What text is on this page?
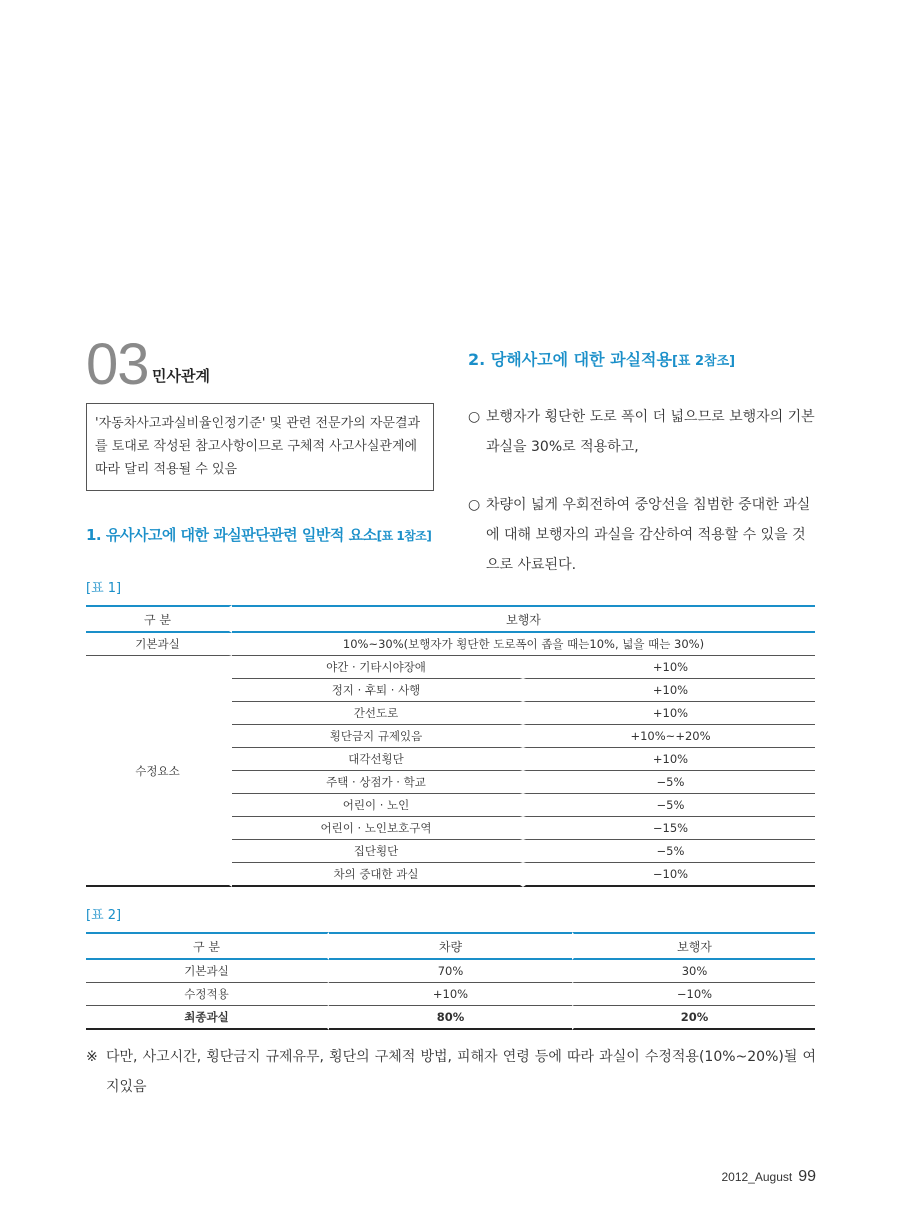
03 민사관계
'자동차사고과실비율인정기준' 및 관련 전문가의 자문결과를 토대로 작성된 참고사항이므로 구체적 사고사실관계에 따라 달리 적용될 수 있음
1. 유사사고에 대한 과실판단관련 일반적 요소[표 1참조]
2. 당해사고에 대한 과실적용[표 2참조]
○ 보행자가 횡단한 도로 폭이 더 넓으므로 보행자의 기본과실을 30%로 적용하고,
○ 차량이 넓게 우회전하여 중앙선을 침범한 중대한 과실에 대해 보행자의 과실을 감산하여 적용할 수 있을 것으로 사료된다.
[표 1]
구 분	보행자	
기본과실	10%~30%(보행자가 횡단한 도로폭이 좁을 때는10%, 넓을 때는 30%)	
수정요소	야간 · 기타시야장애	+10%
	정지 · 후퇴 · 사행	+10%
	간선도로	+10%
	횡단금지 규제있음	+10%~+20%
	대각선횡단	+10%
	주택 · 상점가 · 학교	−5%
	어린이 · 노인	−5%
	어린이 · 노인보호구역	−15%
	집단횡단	−5%
	차의 중대한 과실	−10%
[표 2]
구 분	차량	보행자
기본과실	70%	30%
수정적용	+10%	−10%
최종과실	80%	20%
※ 다만, 사고시간, 횡단금지 규제유무, 횡단의 구체적 방법, 피해자 연령 등에 따라 과실이 수정적용(10%~20%)될 여지있음
2012_August 99
